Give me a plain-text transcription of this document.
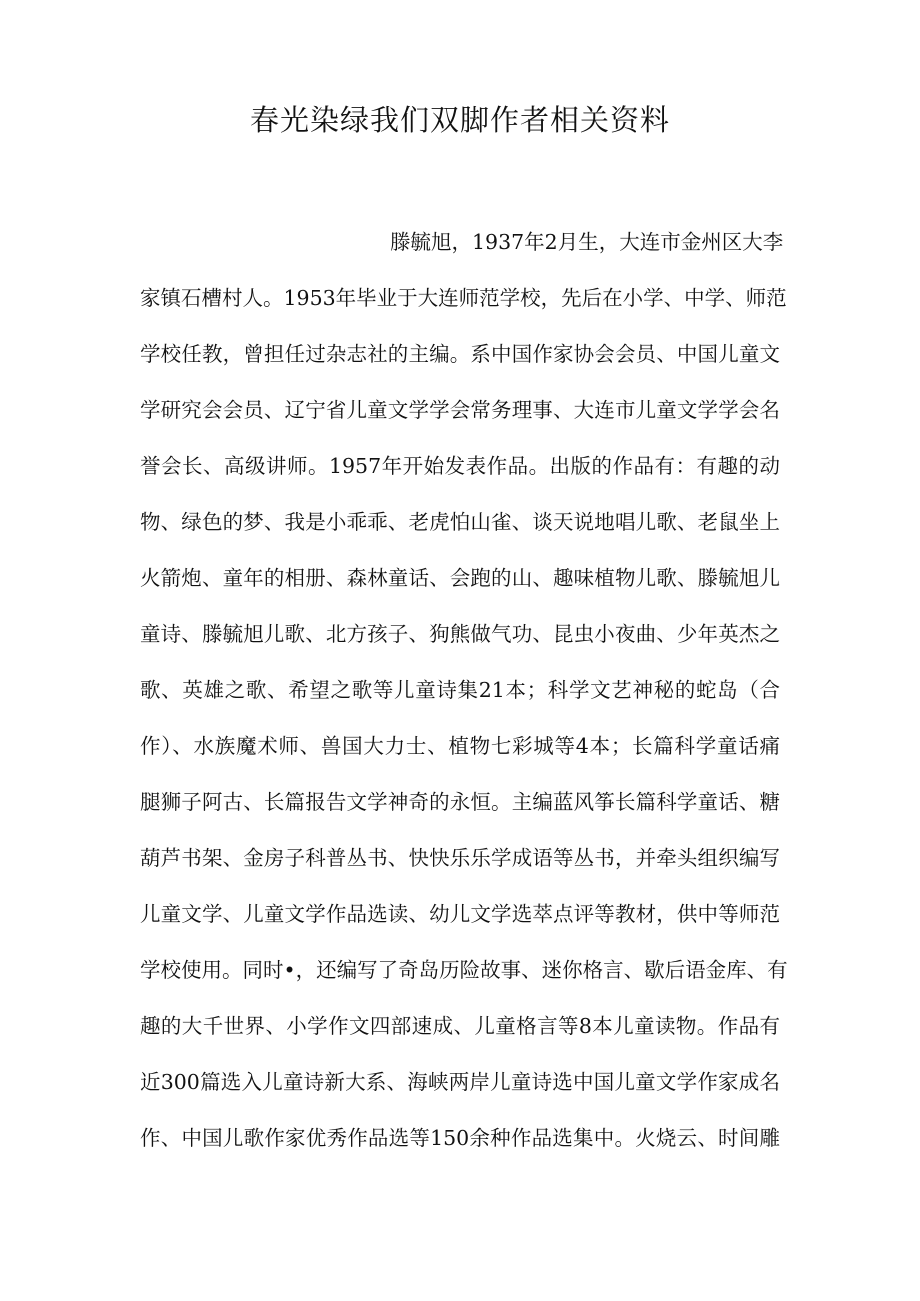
春光染绿我们双脚作者相关资料
滕毓旭，1937年2月生，大连市金州区大李
家镇石槽村人。1953年毕业于大连师范学校，先后在小学、中学、师范
学校任教，曾担任过杂志社的主编。系中国作家协会会员、中国儿童文
学研究会会员、辽宁省儿童文学学会常务理事、大连市儿童文学学会名
誉会长、高级讲师。1957年开始发表作品。出版的作品有：有趣的动
物、绿色的梦、我是小乖乖、老虎怕山雀、谈天说地唱儿歌、老鼠坐上
火箭炮、童年的相册、森林童话、会跑的山、趣味植物儿歌、滕毓旭儿
童诗、滕毓旭儿歌、北方孩子、狗熊做气功、昆虫小夜曲、少年英杰之
歌、英雄之歌、希望之歌等儿童诗集21本；科学文艺神秘的蛇岛（合
作）、水族魔术师、兽国大力士、植物七彩城等4本；长篇科学童话痛
腿狮子阿古、长篇报告文学神奇的永恒。主编蓝风筝长篇科学童话、糖
葫芦书架、金房子科普丛书、快快乐乐学成语等丛书，并牵头组织编写
儿童文学、儿童文学作品选读、幼儿文学选萃点评等教材，供中等师范
学校使用。同时•，还编写了奇岛历险故事、迷你格言、歇后语金库、有
趣的大千世界、小学作文四部速成、儿童格言等8本儿童读物。作品有
近300篇选入儿童诗新大系、海峡两岸儿童诗选中国儿童文学作家成名
作、中国儿歌作家优秀作品选等150余种作品选集中。火烧云、时间雕
